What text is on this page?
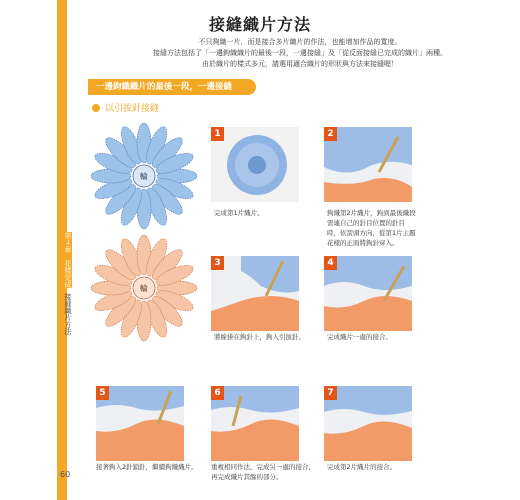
第４章　花樣完成
接縫織片方法
60
接縫織片方法
不只夠織一片，而是接合多片織片的作法，也能增加作品的寬度。
接縫方法包括了「一邊鉤織織片的最後一段，一邊接縫」及「從反面接縫已完成的織片」兩種。
由於織片的樣式多元，請選用適合織片的形狀與方法來接縫喔！
一邊鉤織織片的最後一段，一邊接縫
以引拔針接縫
輪
輪
1
完成第1片織片。
2
鉤織第2片織片，鉤到最後織段需連自己的針目位置的針目時，依箭頭方向，從第1片主題花樣的正面將鉤針穿入。
3
將線掛在鉤針上，鉤入引拔針。
4
完成織片一處的接合。
5
接著鉤入2針鎖針，繼續鉤織織片。
6
重複相同作法，完成另一處的接合，再完成織片其餘的部分。
7
完成第2片織片的接合。
